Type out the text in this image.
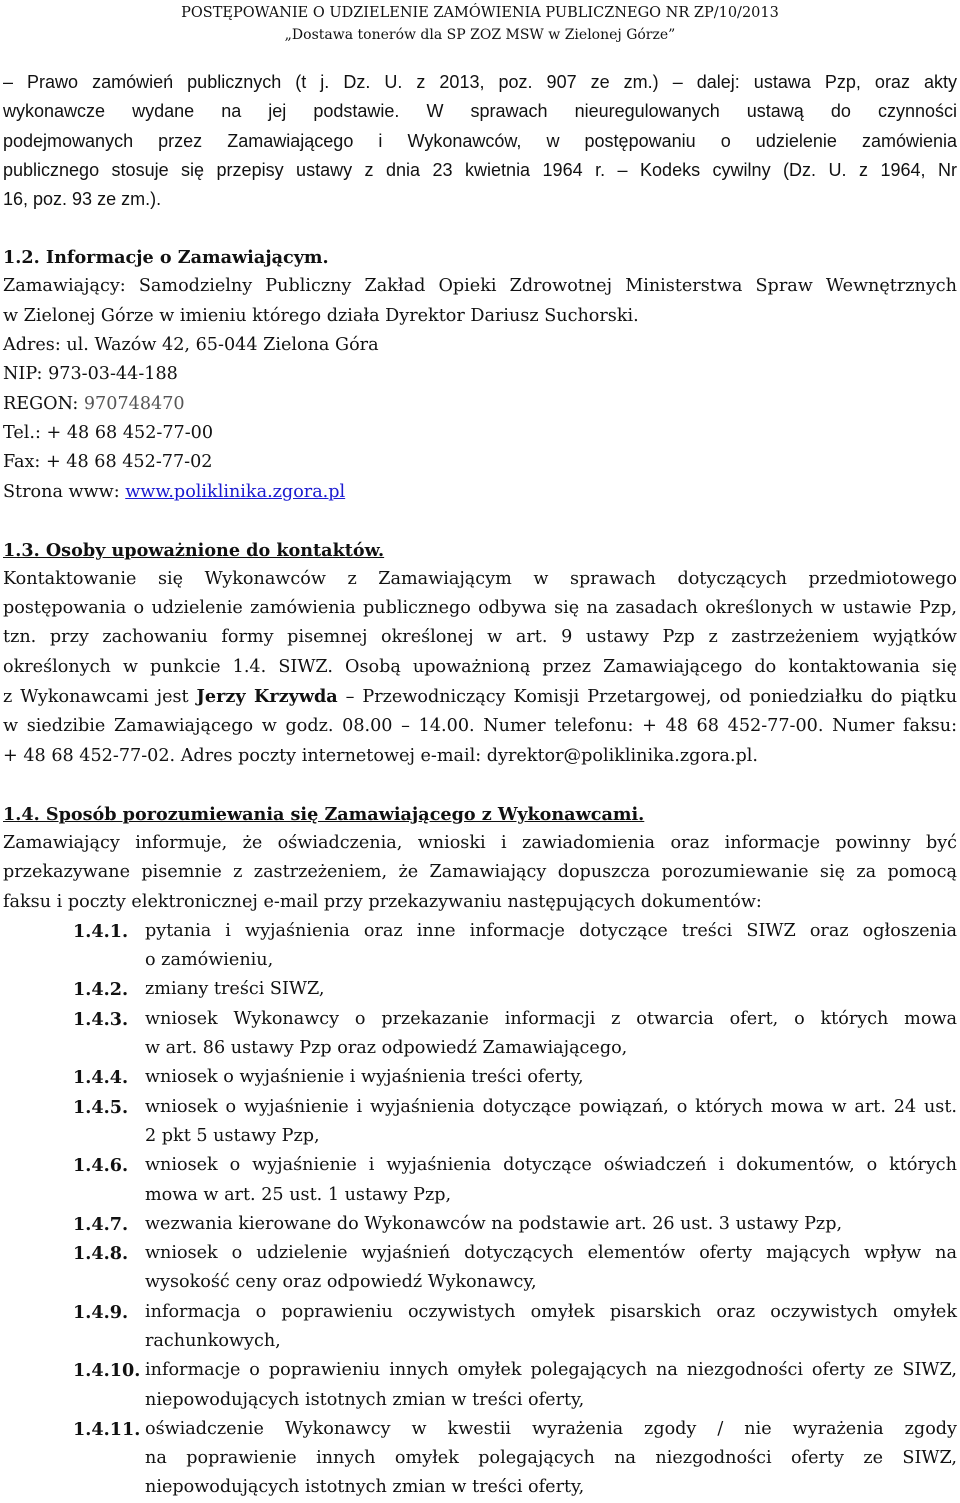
POSTĘPOWANIE O UDZIELENIE ZAMÓWIENIA PUBLICZNEGO NR ZP/10/2013
„Dostawa tonerów dla SP ZOZ MSW w Zielonej Górze”
– Prawo zamówień publicznych (t j. Dz. U. z 2013, poz. 907 ze zm.) – dalej: ustawa Pzp, oraz akty
wykonawcze wydane na jej podstawie. W sprawach nieuregulowanych ustawą do czynności
podejmowanych przez Zamawiającego i Wykonawców, w postępowaniu o udzielenie zamówienia
publicznego stosuje się przepisy ustawy z dnia 23 kwietnia 1964 r. – Kodeks cywilny (Dz. U. z 1964, Nr
16, poz. 93 ze zm.).

1.2. Informacje o Zamawiającym.

Zamawiający: Samodzielny Publiczny Zakład Opieki Zdrowotnej Ministerstwa Spraw Wewnętrznych
w Zielonej Górze w imieniu którego działa Dyrektor Dariusz Suchorski.
Adres: ul. Wazów 42, 65-044 Zielona Góra
NIP: 973-03-44-188
REGON: 970748470
Tel.: + 48 68 452-77-00
Fax: + 48 68 452-77-02
Strona www: www.poliklinika.zgora.pl

1.3. Osoby upoważnione do kontaktów.

Kontaktowanie się Wykonawców z Zamawiającym w sprawach dotyczących przedmiotowego
postępowania o udzielenie zamówienia publicznego odbywa się na zasadach określonych w ustawie Pzp,
tzn. przy zachowaniu formy pisemnej określonej w art. 9 ustawy Pzp z zastrzeżeniem wyjątków
określonych w punkcie 1.4. SIWZ. Osobą upoważnioną przez Zamawiającego do kontaktowania się
z Wykonawcami jest Jerzy Krzywda – Przewodniczący Komisji Przetargowej, od poniedziałku do piątku
w siedzibie Zamawiającego w godz. 08.00 – 14.00. Numer telefonu: + 48 68 452-77-00. Numer faksu:
+ 48 68 452-77-02. Adres poczty internetowej e-mail: dyrektor@poliklinika.zgora.pl.

1.4. Sposób porozumiewania się Zamawiającego z Wykonawcami.

Zamawiający informuje, że oświadczenia, wnioski i zawiadomienia oraz informacje powinny być
przekazywane pisemnie z zastrzeżeniem, że Zamawiający dopuszcza porozumiewanie się za pomocą
faksu i poczty elektronicznej e-mail przy przekazywaniu następujących dokumentów:
1.4.1. pytania i wyjaśnienia oraz inne informacje dotyczące treści SIWZ oraz ogłoszenia
o zamówieniu,
1.4.2. zmiany treści SIWZ,
1.4.3. wniosek Wykonawcy o przekazanie informacji z otwarcia ofert, o których mowa
w art. 86 ustawy Pzp oraz odpowiedź Zamawiającego,
1.4.4. wniosek o wyjaśnienie i wyjaśnienia treści oferty,
1.4.5. wniosek o wyjaśnienie i wyjaśnienia dotyczące powiązań, o których mowa w art. 24 ust.
2 pkt 5 ustawy Pzp,
1.4.6. wniosek o wyjaśnienie i wyjaśnienia dotyczące oświadczeń i dokumentów, o których
mowa w art. 25 ust. 1 ustawy Pzp,
1.4.7. wezwania kierowane do Wykonawców na podstawie art. 26 ust. 3 ustawy Pzp,
1.4.8. wniosek o udzielenie wyjaśnień dotyczących elementów oferty mających wpływ na
wysokość ceny oraz odpowiedź Wykonawcy,
1.4.9. informacja o poprawieniu oczywistych omyłek pisarskich oraz oczywistych omyłek
rachunkowych,
1.4.10. informacje o poprawieniu innych omyłek polegających na niezgodności oferty ze SIWZ,
niepowodujących istotnych zmian w treści oferty,
1.4.11. oświadczenie Wykonawcy w kwestii wyrażenia zgody / nie wyrażenia zgody
na poprawienie innych omyłek polegających na niezgodności oferty ze SIWZ,
niepowodujących istotnych zmian w treści oferty,
